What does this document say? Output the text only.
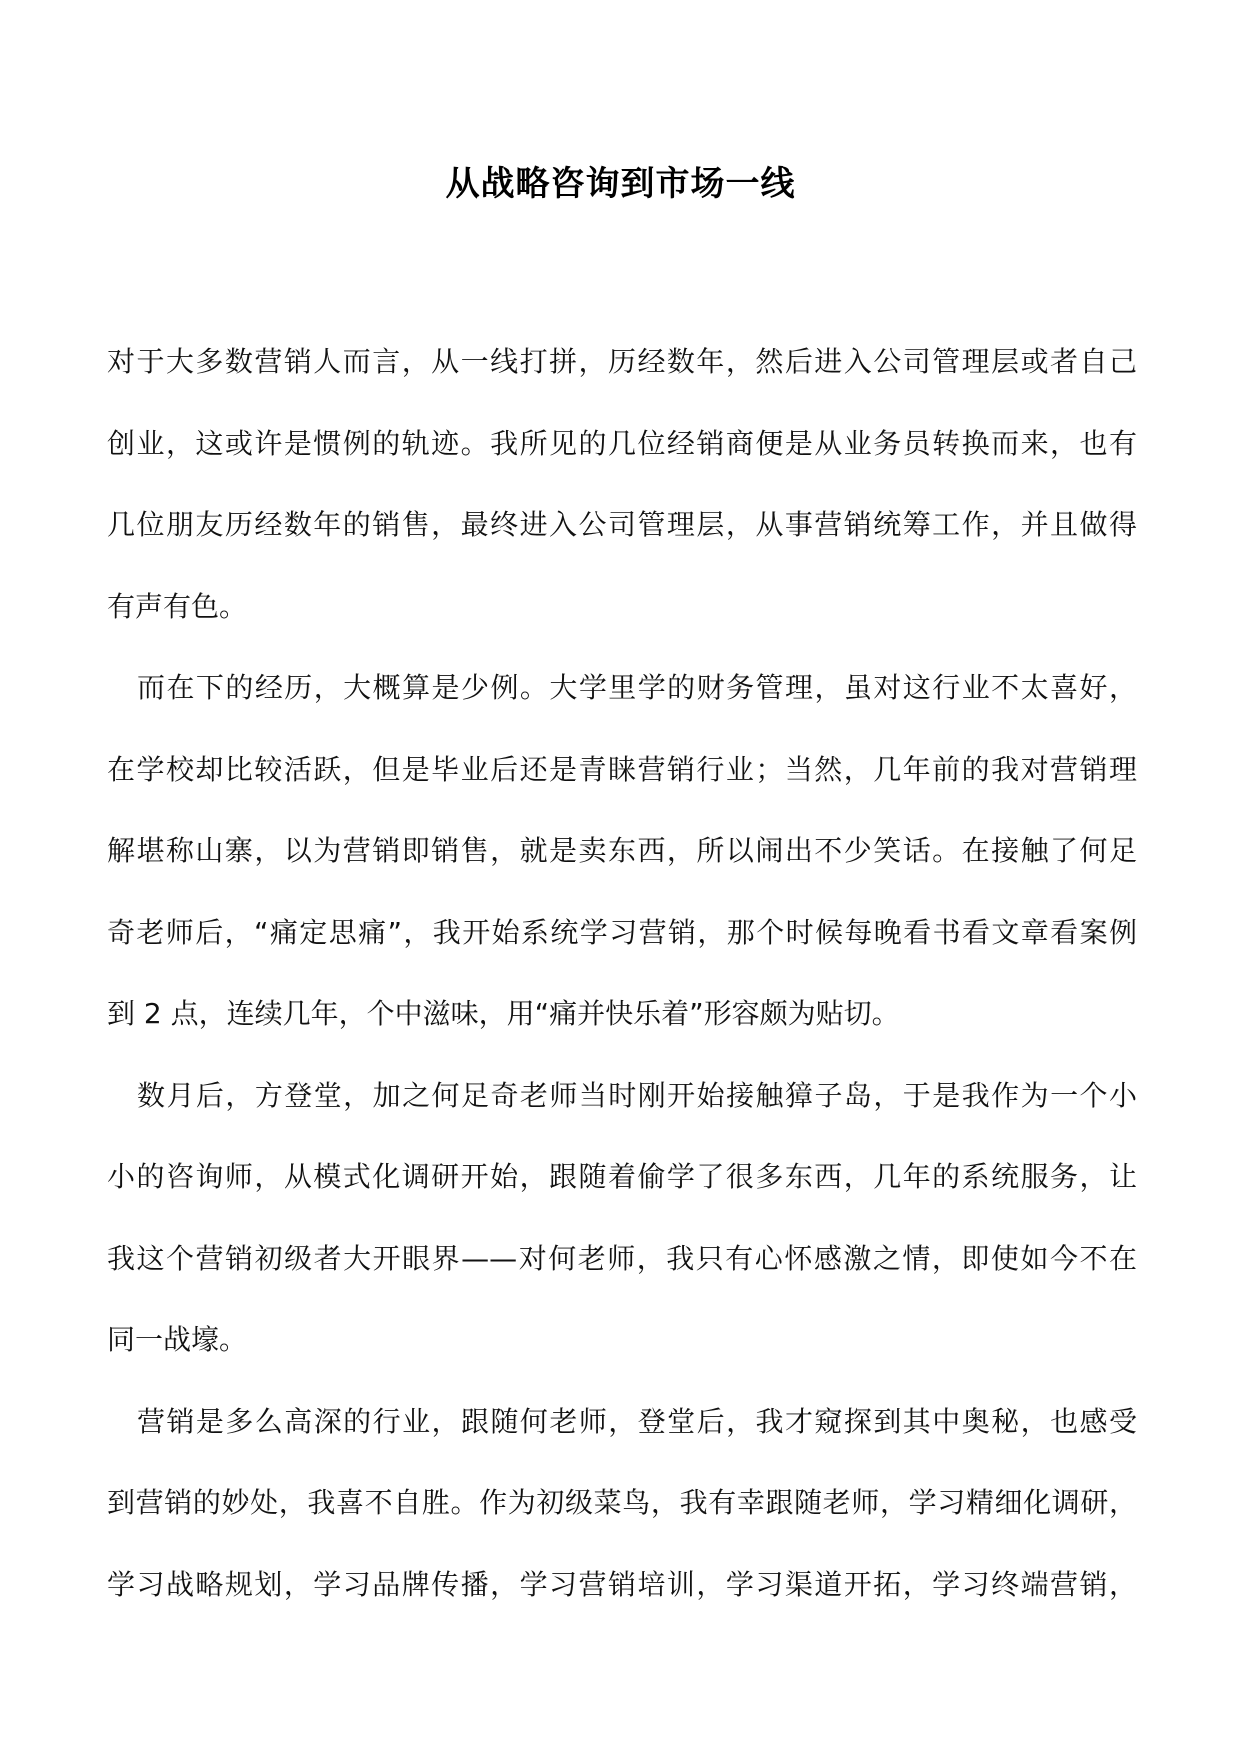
从战略咨询到市场一线
对于大多数营销人而言，从一线打拼，历经数年，然后进入公司管理层或者自己
创业，这或许是惯例的轨迹。我所见的几位经销商便是从业务员转换而来，也有
几位朋友历经数年的销售，最终进入公司管理层，从事营销统筹工作，并且做得
有声有色。
而在下的经历，大概算是少例。大学里学的财务管理，虽对这行业不太喜好，
在学校却比较活跃，但是毕业后还是青睐营销行业；当然，几年前的我对营销理
解堪称山寨，以为营销即销售，就是卖东西，所以闹出不少笑话。在接触了何足
奇老师后，“痛定思痛”，我开始系统学习营销，那个时候每晚看书看文章看案例
到 2 点，连续几年，个中滋味，用“痛并快乐着”形容颇为贴切。
数月后，方登堂，加之何足奇老师当时刚开始接触獐子岛，于是我作为一个小
小的咨询师，从模式化调研开始，跟随着偷学了很多东西，几年的系统服务，让
我这个营销初级者大开眼界——对何老师，我只有心怀感激之情，即使如今不在
同一战壕。
营销是多么高深的行业，跟随何老师，登堂后，我才窥探到其中奥秘，也感受
到营销的妙处，我喜不自胜。作为初级菜鸟，我有幸跟随老师，学习精细化调研，
学习战略规划，学习品牌传播，学习营销培训，学习渠道开拓，学习终端营销，
